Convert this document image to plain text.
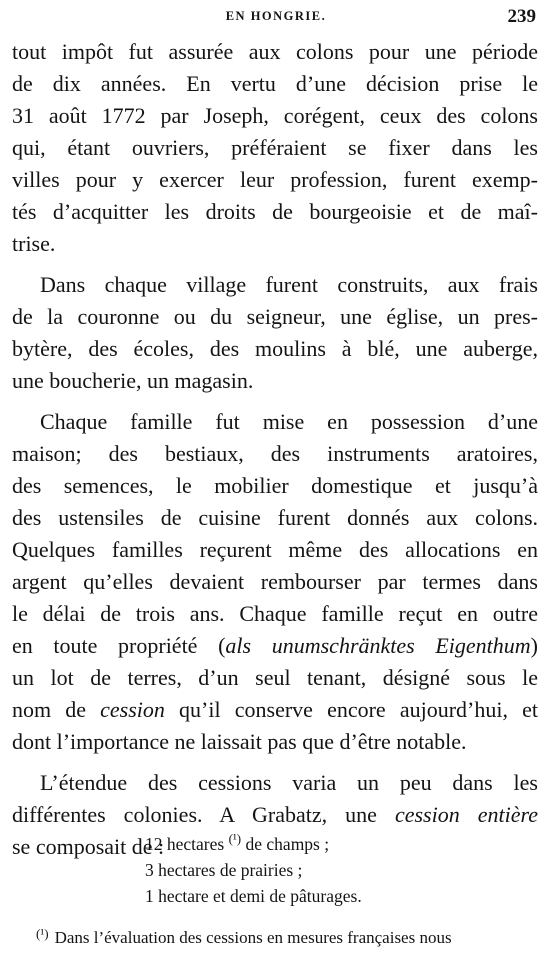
EN HONGRIE.	239
tout impôt fut assurée aux colons pour une période
de dix années. En vertu d’une décision prise le
31 août 1772 par Joseph, corégent, ceux des colons
qui, étant ouvriers, préféraient se fixer dans les
villes pour y exercer leur profession, furent exemp-
tés d’acquitter les droits de bourgeoisie et de maî-
trise.
Dans chaque village furent construits, aux frais
de la couronne ou du seigneur, une église, un pres-
bytère, des écoles, des moulins à blé, une auberge,
une boucherie, un magasin.
Chaque famille fut mise en possession d’une
maison; des bestiaux, des instruments aratoires,
des semences, le mobilier domestique et jusqu’à
des ustensiles de cuisine furent donnés aux colons.
Quelques familles reçurent même des allocations en
argent qu’elles devaient rembourser par termes dans
le délai de trois ans. Chaque famille reçut en outre
en toute propriété (als unumschränktes Eigenthum)
un lot de terres, d’un seul tenant, désigné sous le
nom de cession qu’il conserve encore aujourd’hui, et
dont l’importance ne laissait pas que d’être notable.
L’étendue des cessions varia un peu dans les
différentes colonies. A Grabatz, une cession entière
se composait de :
12 hectares $^{(^1)}$ de champs ;
3 hectares de prairies ;
1 hectare et demi de pâturages.
$^{(^1)}$ Dans l’évaluation des cessions en mesures françaises nous
